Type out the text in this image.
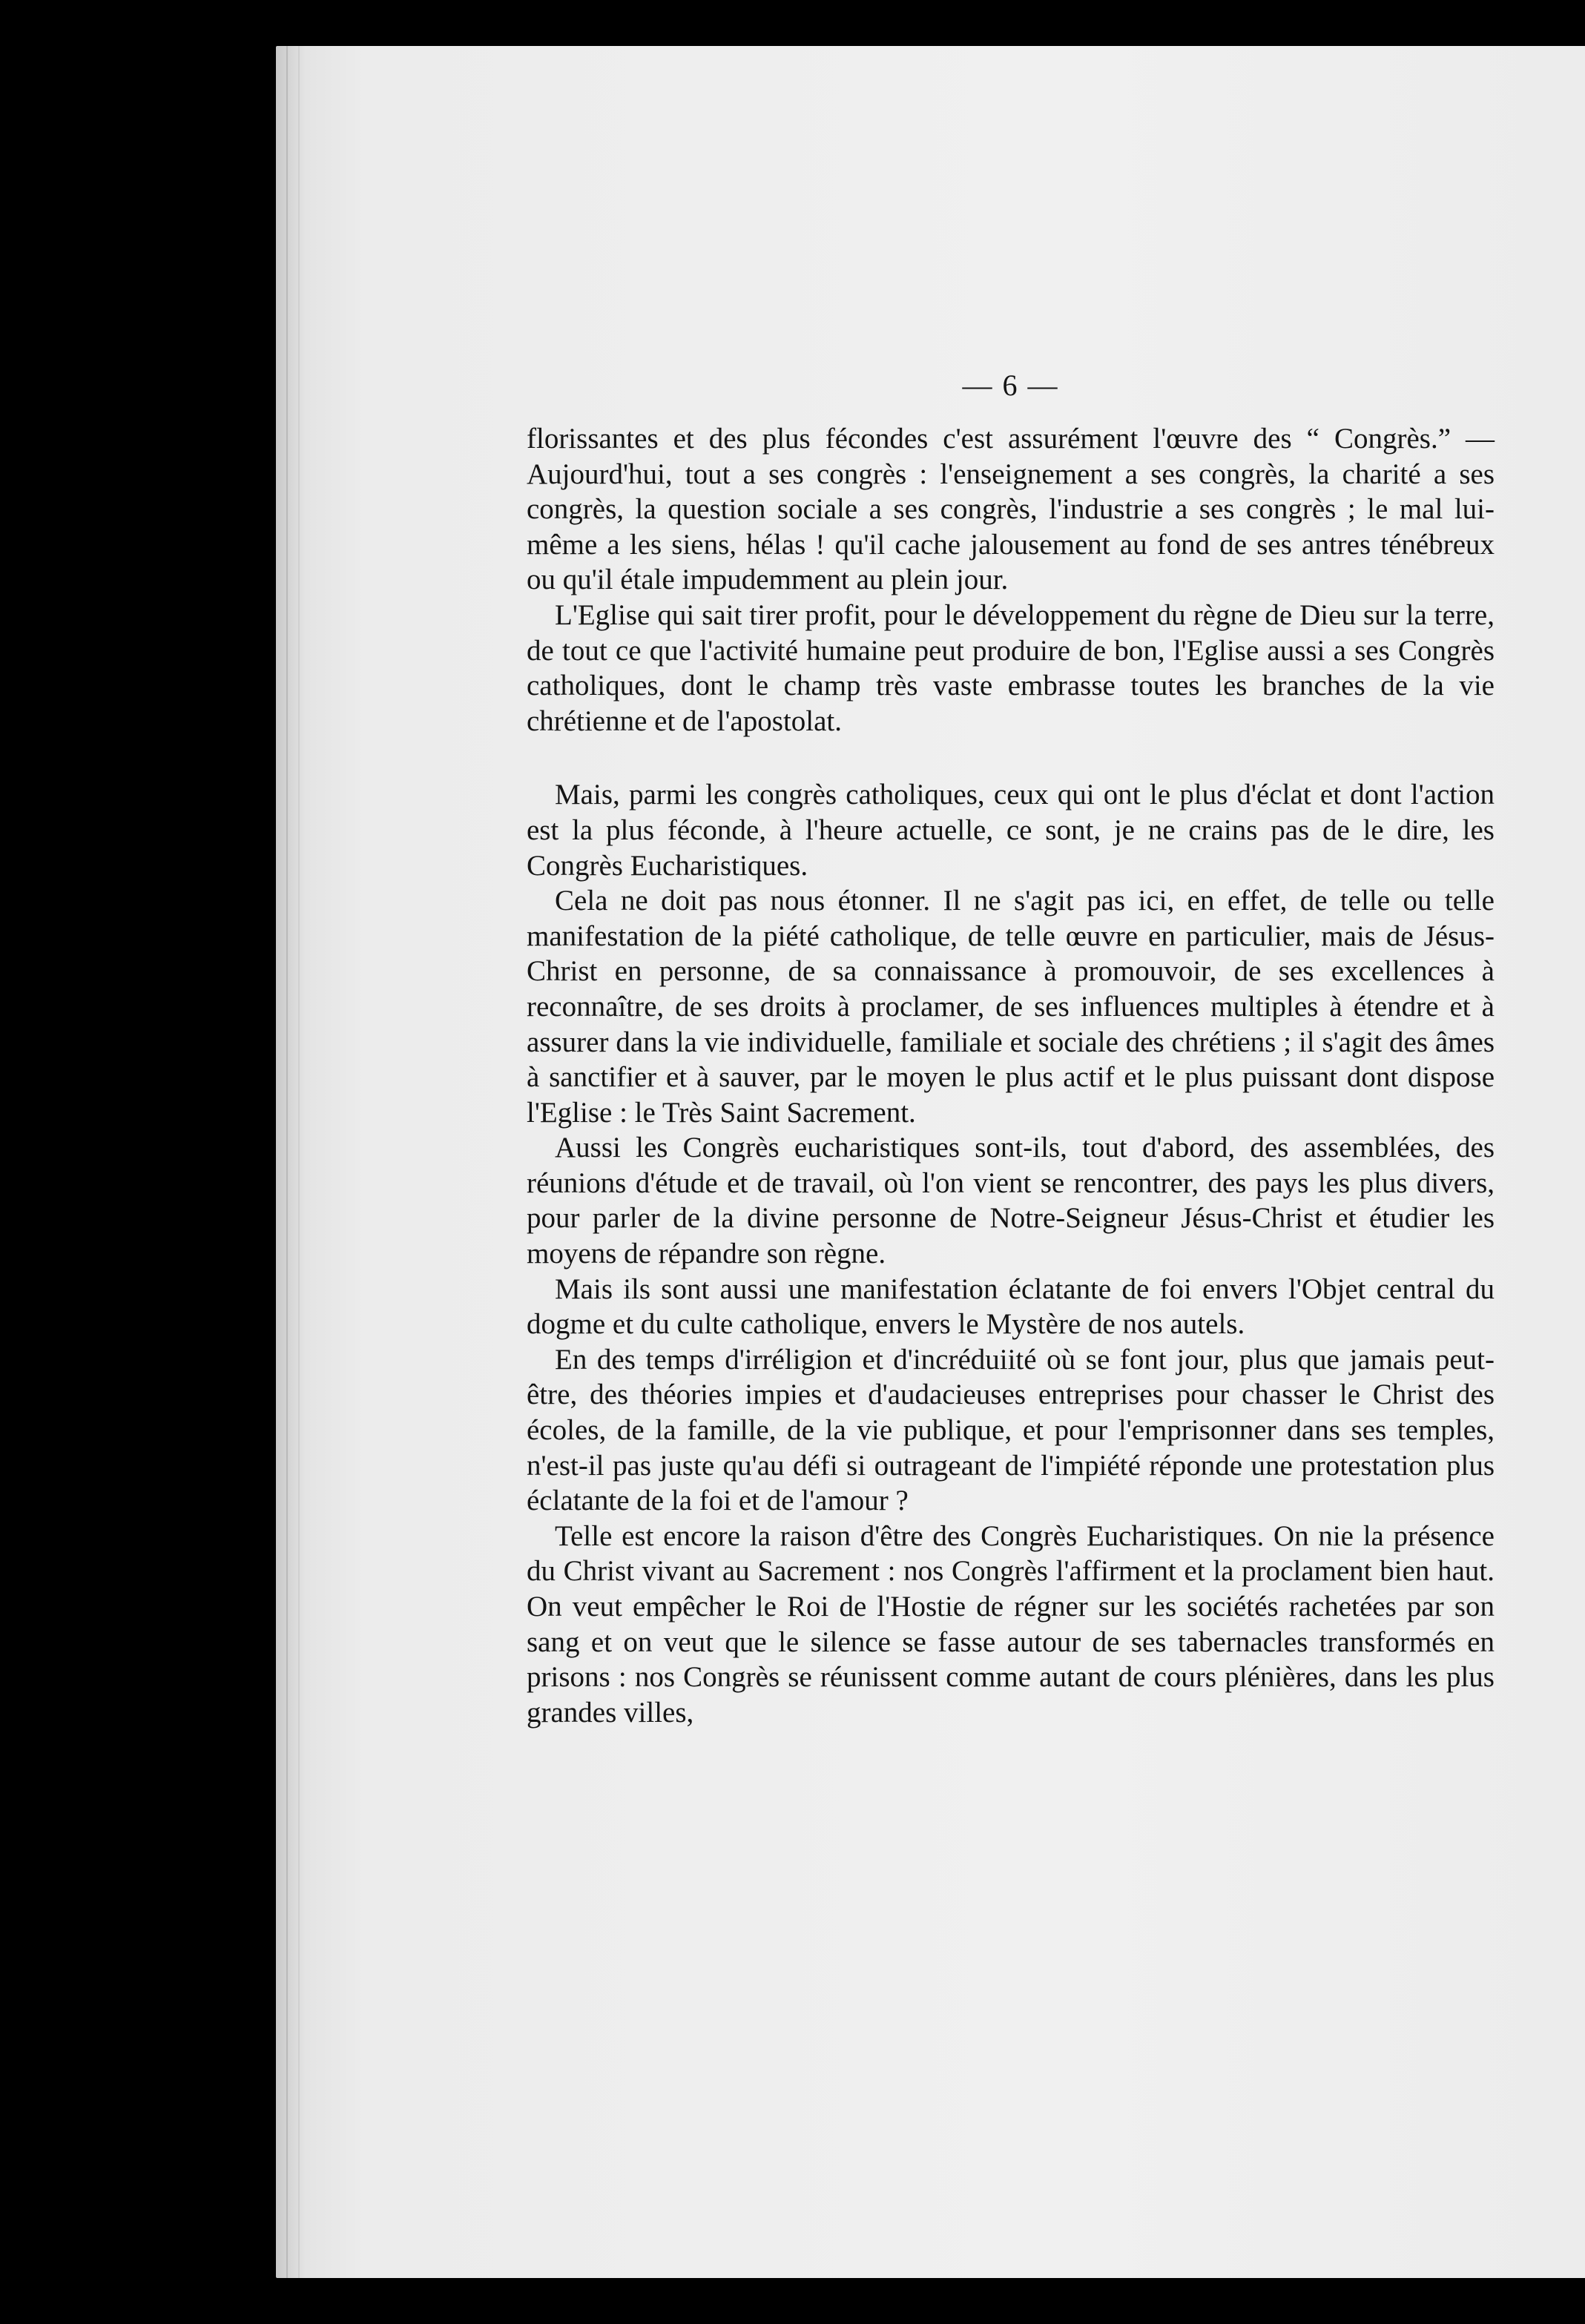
— 6 —

florissantes et des plus fécondes c'est assurément l'œuvre des “ Congrès.” — Aujourd'hui, tout a ses congrès : l'enseignement a ses congrès, la charité a ses congrès, la question sociale a ses congrès, l'industrie a ses congrès ; le mal lui-même a les siens, hélas ! qu'il cache jalousement au fond de ses antres ténébreux ou qu'il étale impudemment au plein jour.

L'Eglise qui sait tirer profit, pour le développement du règne de Dieu sur la terre, de tout ce que l'activité humaine peut produire de bon, l'Eglise aussi a ses Congrès catholiques, dont le champ très vaste embrasse toutes les branches de la vie chrétienne et de l'apostolat.

Mais, parmi les congrès catholiques, ceux qui ont le plus d'éclat et dont l'action est la plus féconde, à l'heure actuelle, ce sont, je ne crains pas de le dire, les Congrès Eucharistiques.

Cela ne doit pas nous étonner. Il ne s'agit pas ici, en effet, de telle ou telle manifestation de la piété catholique, de telle œuvre en particulier, mais de Jésus-Christ en personne, de sa connaissance à promouvoir, de ses excellences à reconnaître, de ses droits à proclamer, de ses influences multiples à étendre et à assurer dans la vie individuelle, familiale et sociale des chrétiens ; il s'agit des âmes à sanctifier et à sauver, par le moyen le plus actif et le plus puissant dont dispose l'Eglise : le Très Saint Sacrement.

Aussi les Congrès eucharistiques sont-ils, tout d'abord, des assemblées, des réunions d'étude et de travail, où l'on vient se rencontrer, des pays les plus divers, pour parler de la divine personne de Notre-Seigneur Jésus-Christ et étudier les moyens de répandre son règne.

Mais ils sont aussi une manifestation éclatante de foi envers l'Objet central du dogme et du culte catholique, envers le Mystère de nos autels.

En des temps d'irréligion et d'incréduiité où se font jour, plus que jamais peut-être, des théories impies et d'audacieuses entreprises pour chasser le Christ des écoles, de la famille, de la vie publique, et pour l'emprisonner dans ses temples, n'est-il pas juste qu'au défi si outrageant de l'impiété réponde une protestation plus éclatante de la foi et de l'amour ?

Telle est encore la raison d'être des Congrès Eucharistiques. On nie la présence du Christ vivant au Sacrement : nos Congrès l'affirment et la proclament bien haut. On veut empêcher le Roi de l'Hostie de régner sur les sociétés rachetées par son sang et on veut que le silence se fasse autour de ses tabernacles transformés en prisons : nos Congrès se réunissent comme autant de cours plénières, dans les plus grandes villes,
